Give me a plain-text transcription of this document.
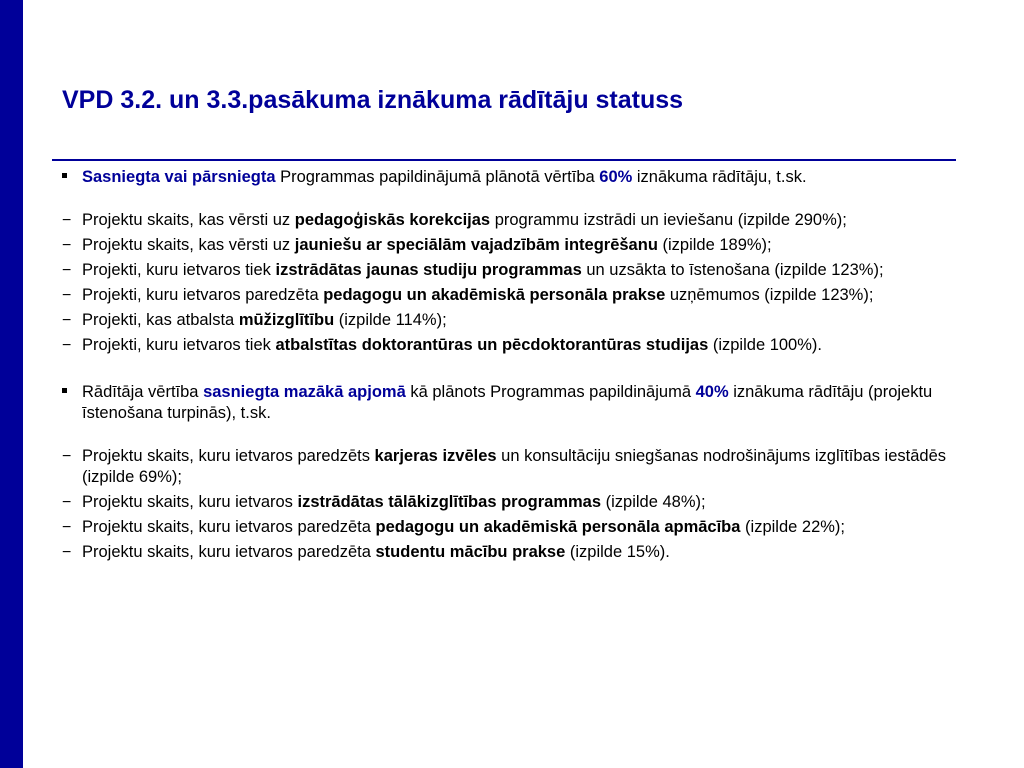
VPD 3.2. un 3.3.pasākuma iznākuma rādītāju statuss
Sasniegta vai pārsniegta Programmas papildinājumā plānotā vērtība 60% iznākuma rādītāju, t.sk.
− Projektu skaits, kas vērsti uz pedagoģiskās korekcijas programmu izstrādi un ieviešanu (izpilde 290%);
− Projektu skaits, kas vērsti uz jauniešu ar speciālām vajadzībām integrēšanu (izpilde 189%);
− Projekti, kuru ietvaros tiek izstrādātas jaunas studiju programmas un uzsākta to īstenošana (izpilde 123%);
− Projekti, kuru ietvaros paredzēta pedagogu un akadēmiskā personāla prakse uzņēmumos (izpilde 123%);
− Projekti, kas atbalsta mūžizglītību (izpilde 114%);
− Projekti, kuru ietvaros tiek atbalstītas doktorantūras un pēcdoktorantūras studijas (izpilde 100%).
Rādītāja vērtība sasniegta mazākā apjomā kā plānots Programmas papildinājumā 40% iznākuma rādītāju (projektu īstenošana turpinās), t.sk.
− Projektu skaits, kuru ietvaros paredzēts karjeras izvēles un konsultāciju sniegšanas nodrošinājums izglītības iestādēs (izpilde 69%);
− Projektu skaits, kuru ietvaros izstrādātas tālākizglītības programmas (izpilde 48%);
− Projektu skaits, kuru ietvaros paredzēta pedagogu un akadēmiskā personāla apmācība (izpilde 22%);
− Projektu skaits, kuru ietvaros paredzēta studentu mācību prakse (izpilde 15%).
